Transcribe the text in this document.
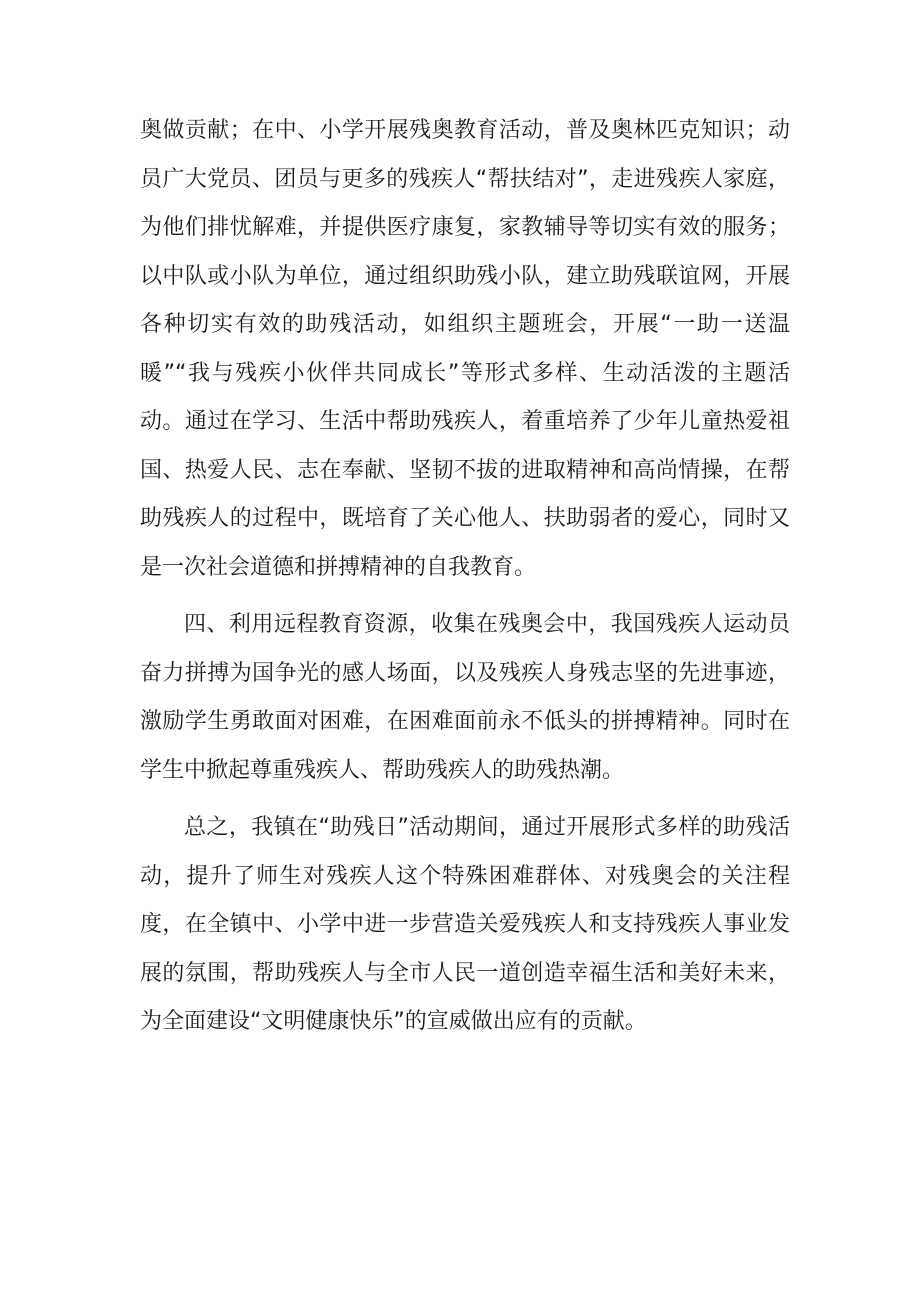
奥做贡献；在中、小学开展残奥教育活动，普及奥林匹克知识；动员广大党员、团员与更多的残疾人“帮扶结对”，走进残疾人家庭，为他们排忧解难，并提供医疗康复，家教辅导等切实有效的服务；以中队或小队为单位，通过组织助残小队，建立助残联谊网，开展各种切实有效的助残活动，如组织主题班会，开展“一助一送温暖”“我与残疾小伙伴共同成长”等形式多样、生动活泼的主题活动。通过在学习、生活中帮助残疾人，着重培养了少年儿童热爱祖国、热爱人民、志在奉献、坚韧不拔的进取精神和高尚情操，在帮助残疾人的过程中，既培育了关心他人、扶助弱者的爱心，同时又是一次社会道德和拼搏精神的自我教育。

四、利用远程教育资源，收集在残奥会中，我国残疾人运动员奋力拼搏为国争光的感人场面，以及残疾人身残志坚的先进事迹，激励学生勇敢面对困难，在困难面前永不低头的拼搏精神。同时在学生中掀起尊重残疾人、帮助残疾人的助残热潮。

总之，我镇在“助残日”活动期间，通过开展形式多样的助残活动，提升了师生对残疾人这个特殊困难群体、对残奥会的关注程度，在全镇中、小学中进一步营造关爱残疾人和支持残疾人事业发展的氛围，帮助残疾人与全市人民一道创造幸福生活和美好未来，为全面建设“文明健康快乐”的宣威做出应有的贡献。
